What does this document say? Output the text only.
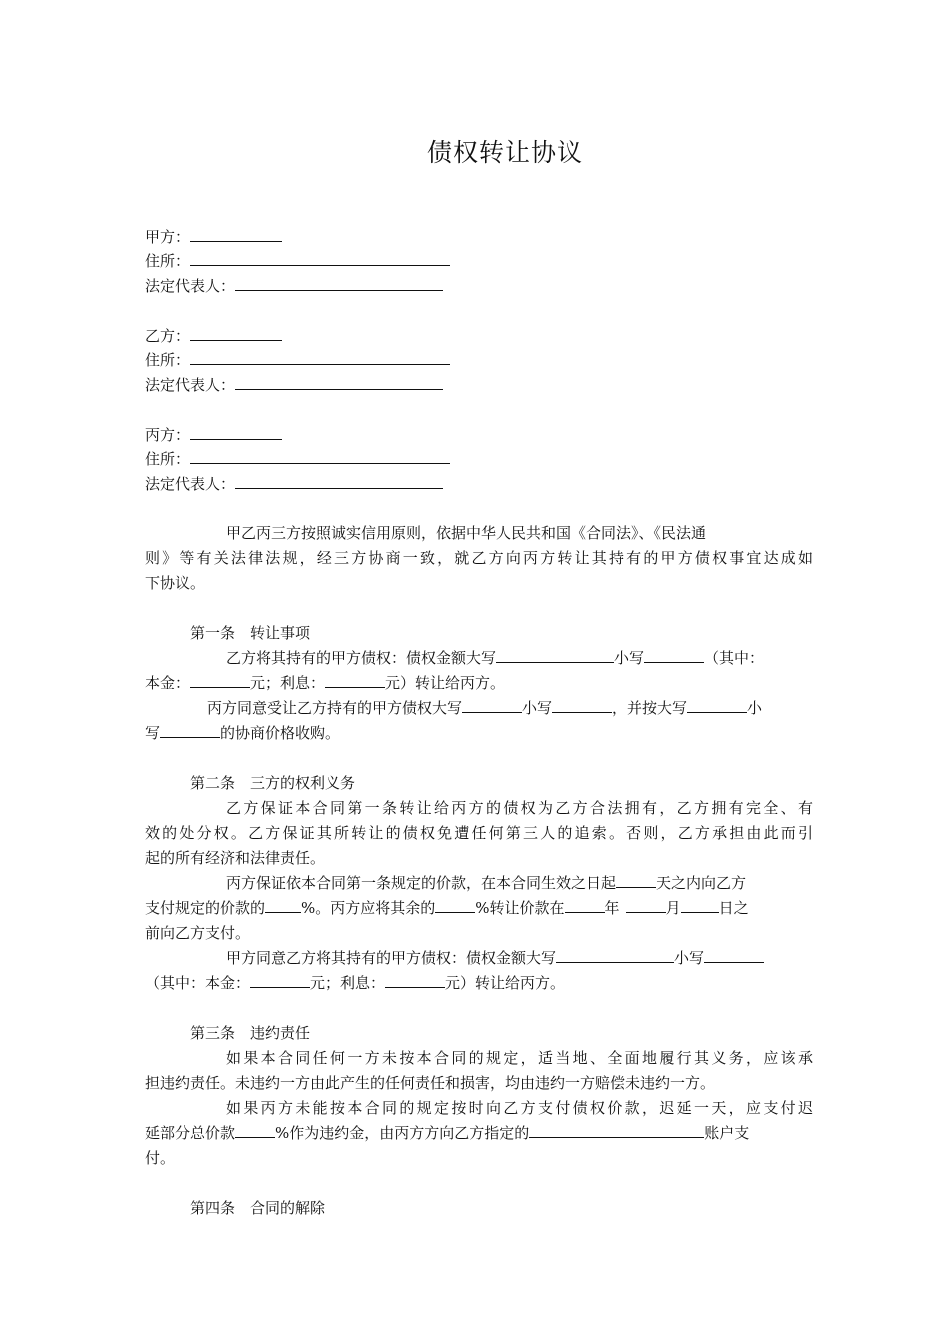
债权转让协议
甲方：
住所：
法定代表人：
乙方：
住所：
法定代表人：
丙方：
住所：
法定代表人：
甲乙丙三方按照诚实信用原则，依据中华人民共和国《合同法》、《民法通
则》等有关法律法规，经三方协商一致，就乙方向丙方转让其持有的甲方债权事宜达成如
下协议。
第一条　转让事项
乙方将其持有的甲方债权：债权金额大写	小写	（其中：
本金：	元；利息：	元）转让给丙方。
丙方同意受让乙方持有的甲方债权大写	小写	，并按大写	小
写	的协商价格收购。
第二条　三方的权利义务
乙方保证本合同第一条转让给丙方的债权为乙方合法拥有，乙方拥有完全、有
效的处分权。乙方保证其所转让的债权免遭任何第三人的追索。否则，乙方承担由此而引
起的所有经济和法律责任。
丙方保证依本合同第一条规定的价款，在本合同生效之日起	天之内向乙方
支付规定的价款的 %。丙方应将其余的	%转让价款在	年	月	日之
前向乙方支付。
甲方同意乙方将其持有的甲方债权：债权金额大写	小写
（其中：本金：	元；利息：	元）转让给丙方。
第三条　违约责任
如果本合同任何一方未按本合同的规定，适当地、全面地履行其义务，应该承
担违约责任。未违约一方由此产生的任何责任和损害，均由违约一方赔偿未违约一方。
如果丙方未能按本合同的规定按时向乙方支付债权价款，迟延一天，应支付迟
延部分总价款	%作为违约金，由丙方方向乙方指定的	账户支
付。
第四条　合同的解除
